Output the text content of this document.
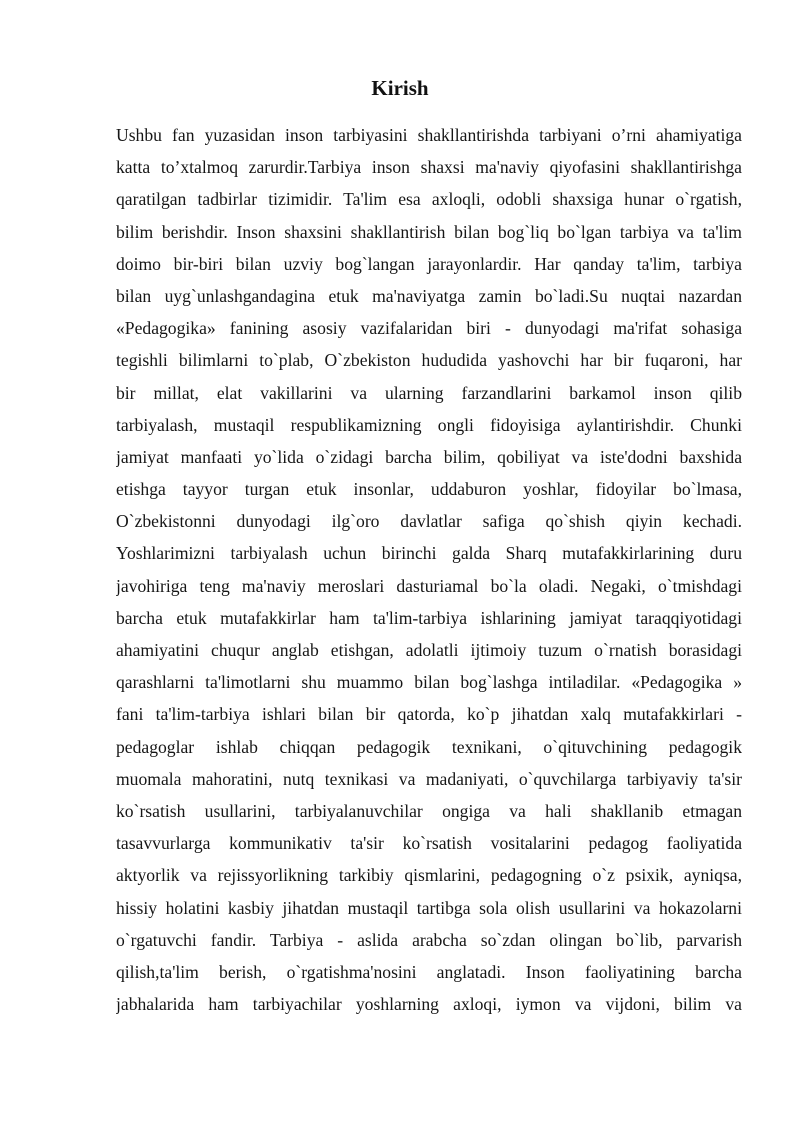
Kirish
Ushbu fan yuzasidan inson tarbiyasini shakllantirishda tarbiyani o’rni ahamiyatiga
katta to’xtalmoq zarurdir.Tarbiya inson shaxsi ma'naviy qiyofasini shakllantirishga
qaratilgan tadbirlar tizimidir. Ta'lim esa axloqli, odobli shaxsiga hunar o`rgatish,
bilim berishdir. Inson shaxsini shakllantirish bilan bog`liq bo`lgan tarbiya va ta'lim
doimo bir-biri bilan uzviy bog`langan jarayonlardir. Har qanday ta'lim, tarbiya
bilan uyg`unlashgandagina etuk ma'naviyatga zamin bo`ladi.Su nuqtai nazardan
«Pedagogika» fanining asosiy vazifalaridan biri - dunyodagi ma'rifat sohasiga
tegishli bilimlarni to`plab, O`zbekiston hududida yashovchi har bir fuqaroni, har
bir millat, elat vakillarini va ularning farzandlarini barkamol inson qilib
tarbiyalash, mustaqil respublikamizning ongli fidoyisiga aylantirishdir. Chunki
jamiyat manfaati yo`lida o`zidagi barcha bilim, qobiliyat va iste'dodni baxshida
etishga tayyor turgan etuk insonlar, uddaburon yoshlar, fidoyilar bo`lmasa,
O`zbekistonni dunyodagi ilg`oro davlatlar safiga qo`shish qiyin kechadi.
Yoshlarimizni tarbiyalash uchun birinchi galda Sharq mutafakkirlarining duru
javohiriga teng ma'naviy meroslari dasturiamal bo`la oladi. Negaki, o`tmishdagi
barcha etuk mutafakkirlar ham ta'lim-tarbiya ishlarining jamiyat taraqqiyotidagi
ahamiyatini chuqur anglab etishgan, adolatli ijtimoiy tuzum o`rnatish borasidagi
qarashlarni ta'limotlarni shu muammo bilan bog`lashga intiladilar. «Pedagogika »
fani ta'lim-tarbiya ishlari bilan bir qatorda, ko`p jihatdan xalq mutafakkirlari -
pedagoglar ishlab chiqqan pedagogik texnikani, o`qituvchining pedagogik
muomala mahoratini, nutq texnikasi va madaniyati, o`quvchilarga tarbiyaviy ta'sir
ko`rsatish usullarini, tarbiyalanuvchilar ongiga va hali shakllanib etmagan
tasavvurlarga kommunikativ ta'sir ko`rsatish vositalarini pedagog faoliyatida
aktyorlik va rejissyorlikning tarkibiy qismlarini, pedagogning o`z psixik, ayniqsa,
hissiy holatini kasbiy jihatdan mustaqil tartibga sola olish usullarini va hokazolarni
o`rgatuvchi fandir. Tarbiya - aslida arabcha so`zdan olingan bo`lib, parvarish
qilish,ta'lim berish, o`rgatishma'nosini anglatadi. Inson faoliyatining barcha
jabhalarida ham tarbiyachilar yoshlarning axloqi, iymon va vijdoni, bilim va
